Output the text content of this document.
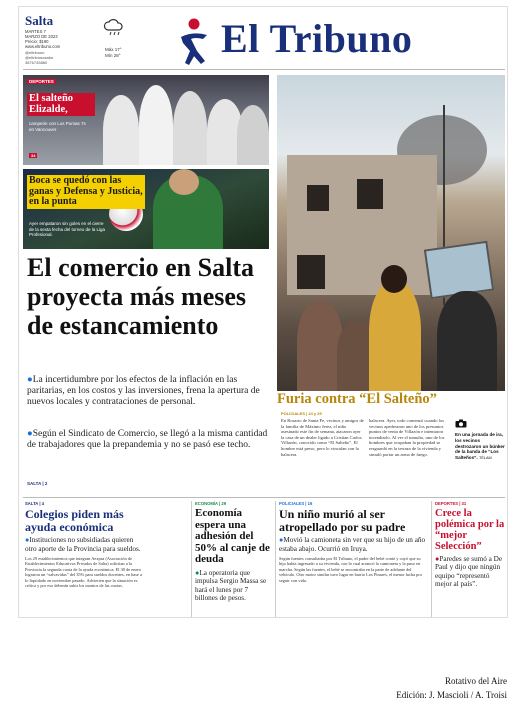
Salta
MARTES 7
MARZO DE 2023
Precio: $190
www.eltribuno.com
@eltribuno
@eltribunosalta
3876745880
Máx 17°
Mín 28°	El Tribuno
DEPORTES
El salteño Elizalde,
campeón con Los Pumas 7s en Vancouver
34
Boca se quedó con las ganas y Defensa y Justicia, en la punta
Ayer empataron sin goles en el cierre de la sexta fecha del torneo de la Liga Profesional.
El comercio en Salta proyecta más meses de estancamiento
●La incertidumbre por los efectos de la inflación en las paritarias, en los costos y las inversiones, frena la apertura de nuevos locales y contrataciones de personal.
●Según el Sindicato de Comercio, se llegó a la misma cantidad de trabajadores que la prepandemia y no se pasó ese techo.
SALTA | 2
Furia contra “El Salteño”
POLICIALES | 24 y 25
En Rosario de Santa Fe, vecinos y amigos de la familia de Máximo Jerez, el niño asesinado este fin de semana, atacaron ayer la casa de un dealer ligado a Cristian Carlos Villazón, conocido como “El Salteño”. El hombre está preso, pero lo vinculan con la balacera.
balacera. Ayer, todo comenzó cuando los vecinos apedrearon uno de los presuntos puntos de venta de Villazón e intentaron incendiarlo. Al ver el tumulto, uno de los hombres que ocupaban la propiedad se resguardó en la terraza de la vivienda y simuló portar un arma de fuego.
En una jornada de ira, los vecinos destrozaron un búnker de la banda de “Los Salteños”. TÉLAM
SALTA | 4
Colegios piden más ayuda económica
●Instituciones no subsidiadas quieren otro aporte de la Provincia para sueldos.
Los 29 establecimientos que integran Aexpsa (Asociación de Establecimientos Educativos Privados de Salta) solicitan a la Provincia la segunda cuota de la ayuda económica. El 30 de enero lograron un “salvavidas” del 35% para sueldos docentes, en base a lo liquidado en noviembre pasado. Advierten que la situación es crítica y por eso deberán subir los montos de las cuotas.
ECONOMÍA | 29
Economía espera una adhesión del 50% al canje de deuda
●La operatoria que impulsa Sergio Massa se hará el lunes por 7 billones de pesos.
POLICIALES | 16
Un niño murió al ser atropellado por su padre
●Movió la camioneta sin ver que su hijo de un año estaba abajo. Ocurrió en Iruya.
Según fuentes consultadas por El Tribuno, el padre del bebé contó y cuyó que su hijo había ingresado a su vivienda, con lo cual arrancó la camioneta y la puso en marcha. Según las fuentes, el bebé se encontraba en la parte de adelante del vehículo. Otro motor similar tuvo lugar en barrio Los Pinares, el menor lucha por seguir con vida.
DEPORTES | 31
Crece la polémica por la “mejor Selección”
●Paredes se sumó a De Paul y dijo que ningún equipo “representó mejor al país”.
Rotativo del Aire
Edición: J. Mascioli / A. Troisi
